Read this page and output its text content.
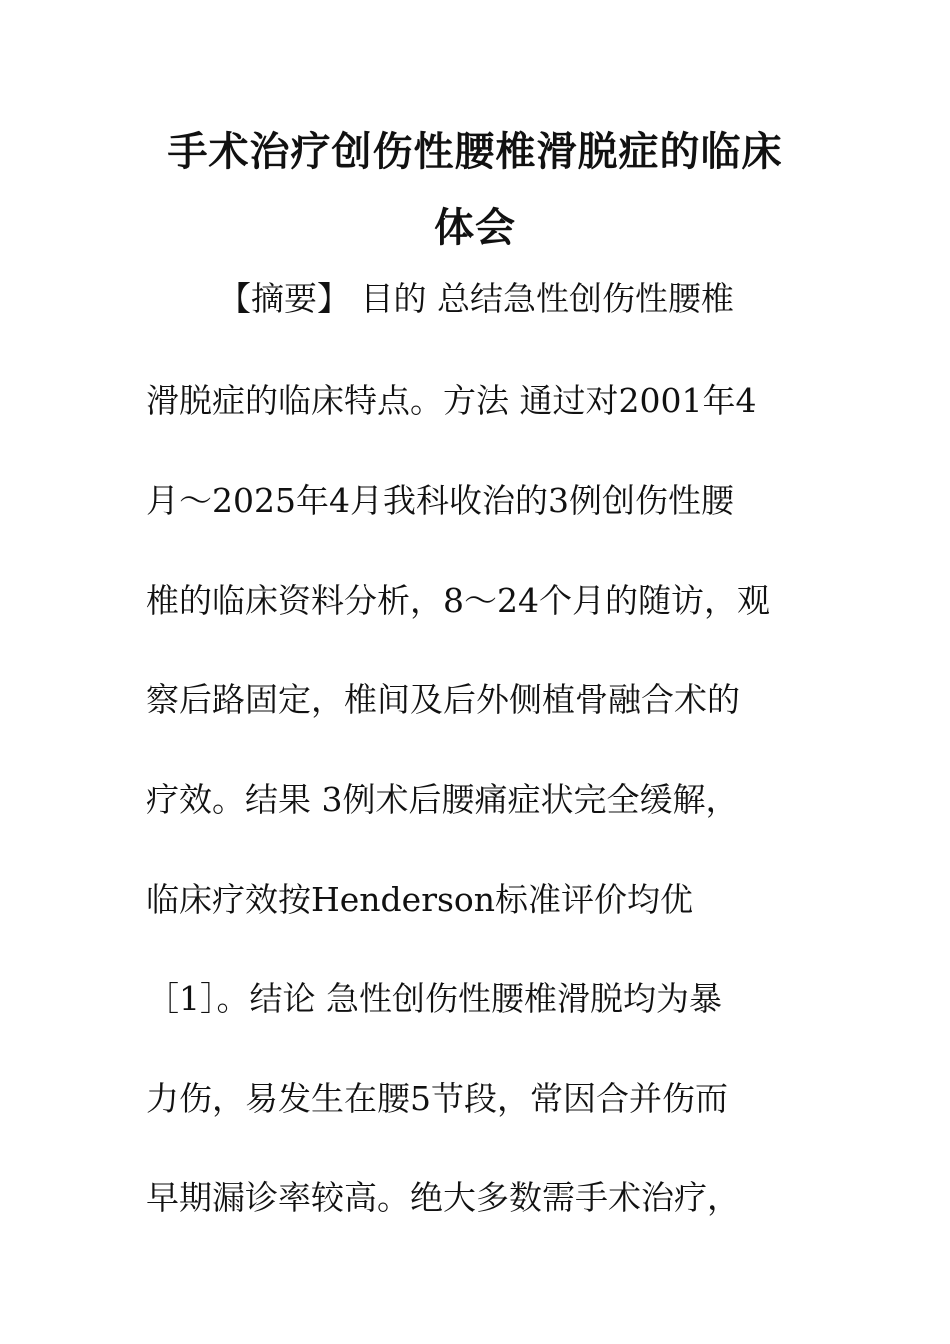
手术治疗创伤性腰椎滑脱症的临床
体会
【摘要】 目的 总结急性创伤性腰椎
滑脱症的临床特点。方法 通过对2001年4
月～2025年4月我科收治的3例创伤性腰
椎的临床资料分析，8～24个月的随访，观
察后路固定，椎间及后外侧植骨融合术的
疗效。结果 3例术后腰痛症状完全缓解，
临床疗效按Henderson标准评价均优
［1］。结论 急性创伤性腰椎滑脱均为暴
力伤，易发生在腰5节段，常因合并伤而
早期漏诊率较高。绝大多数需手术治疗，
